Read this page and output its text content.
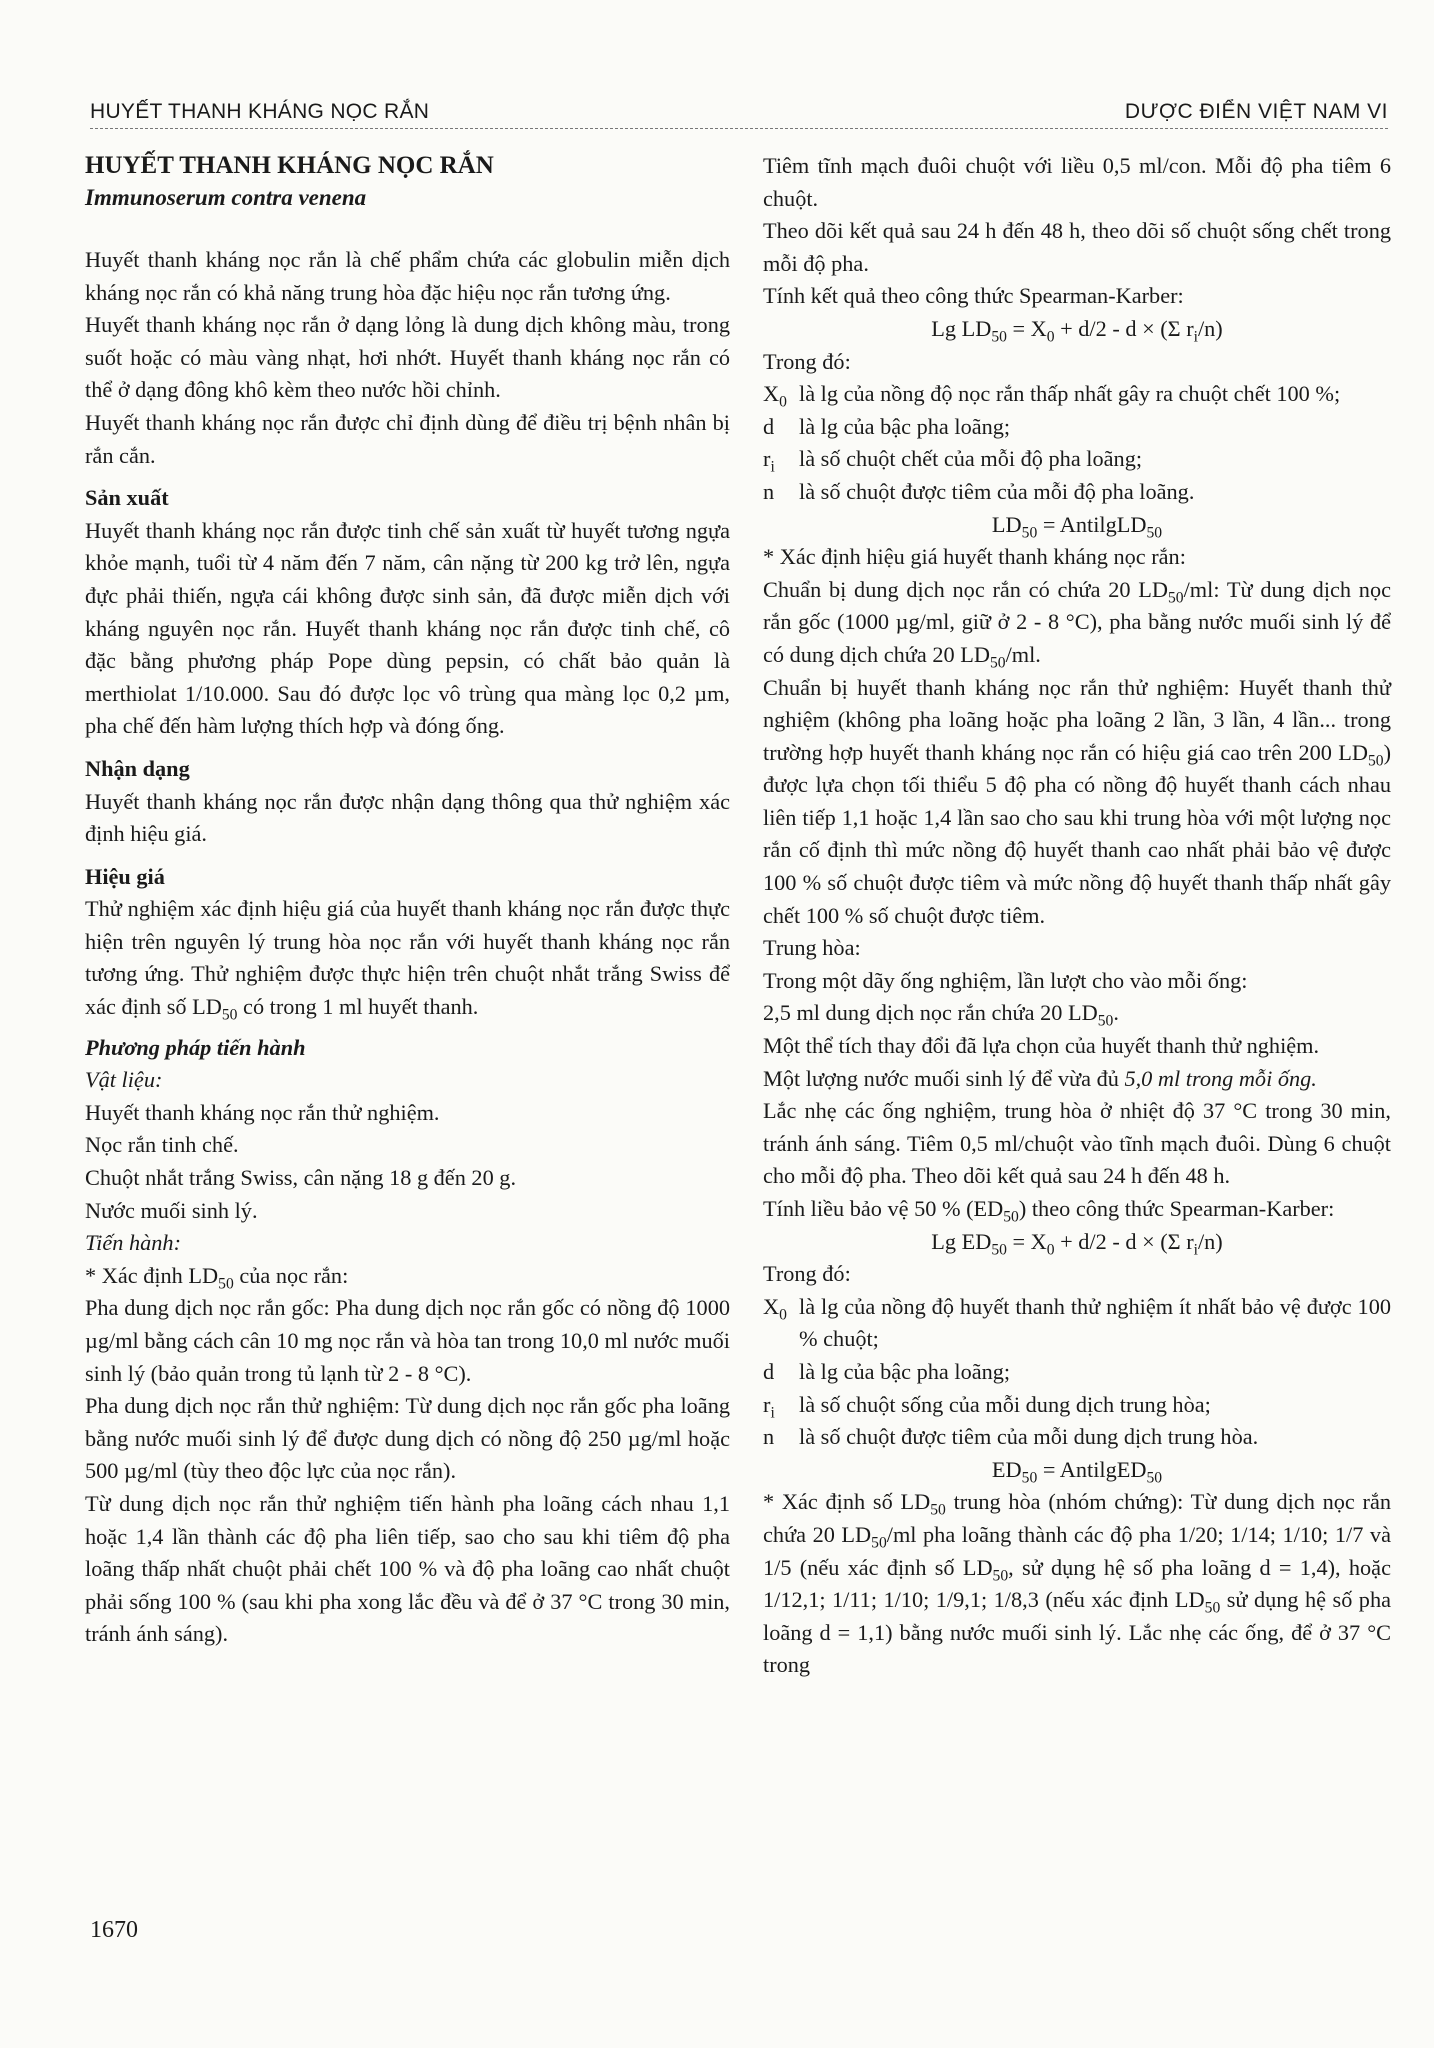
HUYẾT THANH KHÁNG NỌC RẮN	DƯỢC ĐIỂN VIỆT NAM VI

HUYẾT THANH KHÁNG NỌC RẮN

Immunoserum contra venena

Huyết thanh kháng nọc rắn là chế phẩm chứa các globulin miễn dịch kháng nọc rắn có khả năng trung hòa đặc hiệu nọc rắn tương ứng.

Huyết thanh kháng nọc rắn ở dạng lỏng là dung dịch không màu, trong suốt hoặc có màu vàng nhạt, hơi nhớt. Huyết thanh kháng nọc rắn có thể ở dạng đông khô kèm theo nước hồi chỉnh.

Huyết thanh kháng nọc rắn được chỉ định dùng để điều trị bệnh nhân bị rắn cắn.

Sản xuất

Huyết thanh kháng nọc rắn được tinh chế sản xuất từ huyết tương ngựa khỏe mạnh, tuổi từ 4 năm đến 7 năm, cân nặng từ 200 kg trở lên, ngựa đực phải thiến, ngựa cái không được sinh sản, đã được miễn dịch với kháng nguyên nọc rắn. Huyết thanh kháng nọc rắn được tinh chế, cô đặc bằng phương pháp Pope dùng pepsin, có chất bảo quản là merthiolat 1/10.000. Sau đó được lọc vô trùng qua màng lọc 0,2 µm, pha chế đến hàm lượng thích hợp và đóng ống.

Nhận dạng

Huyết thanh kháng nọc rắn được nhận dạng thông qua thử nghiệm xác định hiệu giá.

Hiệu giá

Thử nghiệm xác định hiệu giá của huyết thanh kháng nọc rắn được thực hiện trên nguyên lý trung hòa nọc rắn với huyết thanh kháng nọc rắn tương ứng. Thử nghiệm được thực hiện trên chuột nhắt trắng Swiss để xác định số $LD_{50}$ có trong 1 ml huyết thanh.

Phương pháp tiến hành

Vật liệu:

Huyết thanh kháng nọc rắn thử nghiệm.

Nọc rắn tinh chế.

Chuột nhắt trắng Swiss, cân nặng 18 g đến 20 g.

Nước muối sinh lý.

Tiến hành:

* Xác định $LD_{50}$ của nọc rắn:

Pha dung dịch nọc rắn gốc: Pha dung dịch nọc rắn gốc có nồng độ 1000 µg/ml bằng cách cân 10 mg nọc rắn và hòa tan trong 10,0 ml nước muối sinh lý (bảo quản trong tủ lạnh từ 2 - 8 °C).

Pha dung dịch nọc rắn thử nghiệm: Từ dung dịch nọc rắn gốc pha loãng bằng nước muối sinh lý để được dung dịch có nồng độ 250 µg/ml hoặc 500 µg/ml (tùy theo độc lực của nọc rắn).

Từ dung dịch nọc rắn thử nghiệm tiến hành pha loãng cách nhau 1,1 hoặc 1,4 lần thành các độ pha liên tiếp, sao cho sau khi tiêm độ pha loãng thấp nhất chuột phải chết 100 % và độ pha loãng cao nhất chuột phải sống 100 % (sau khi pha xong lắc đều và để ở 37 °C trong 30 min, tránh ánh sáng).

Tiêm tĩnh mạch đuôi chuột với liều 0,5 ml/con. Mỗi độ pha tiêm 6 chuột.

Theo dõi kết quả sau 24 h đến 48 h, theo dõi số chuột sống chết trong mỗi độ pha.

Tính kết quả theo công thức Spearman-Karber:

Lg $LD_{50} = X_0 + d/2 - d \times (\Sigma$ $r_i/n$)

Trong đó:

$X_0$ là lg của nồng độ nọc rắn thấp nhất gây ra chuột chết 100 %;
d	là lg của bậc pha loãng;
$r_i$	là số chuột chết của mỗi độ pha loãng;
n	là số chuột được tiêm của mỗi độ pha loãng.

$LD_{50}$ = AntilgLD$_{50}$

* Xác định hiệu giá huyết thanh kháng nọc rắn:

Chuẩn bị dung dịch nọc rắn có chứa 20 $LD_{50}/ml$: Từ dung dịch nọc rắn gốc (1000 µg/ml, giữ ở 2 - 8 °C), pha bằng nước muối sinh lý để có dung dịch chứa 20 $LD_{50}/ml$.

Chuẩn bị huyết thanh kháng nọc rắn thử nghiệm: Huyết thanh thử nghiệm (không pha loãng hoặc pha loãng 2 lần, 3 lần, 4 lần... trong trường hợp huyết thanh kháng nọc rắn có hiệu giá cao trên 200 $LD_{50}$) được lựa chọn tối thiểu 5 độ pha có nồng độ huyết thanh cách nhau liên tiếp 1,1 hoặc 1,4 lần sao cho sau khi trung hòa với một lượng nọc rắn cố định thì mức nồng độ huyết thanh cao nhất phải bảo vệ được 100 % số chuột được tiêm và mức nồng độ huyết thanh thấp nhất gây chết 100 % số chuột được tiêm.

Trung hòa:

Trong một dãy ống nghiệm, lần lượt cho vào mỗi ống:

2,5 ml dung dịch nọc rắn chứa 20 $LD_{50}$.

Một thể tích thay đổi đã lựa chọn của huyết thanh thử nghiệm.

Một lượng nước muối sinh lý để vừa đủ 5,0 ml trong mỗi ống.

Lắc nhẹ các ống nghiệm, trung hòa ở nhiệt độ 37 °C trong 30 min, tránh ánh sáng. Tiêm 0,5 ml/chuột vào tĩnh mạch đuôi. Dùng 6 chuột cho mỗi độ pha. Theo dõi kết quả sau 24 h đến 48 h.

Tính liều bảo vệ 50 % $(ED_{50})$ theo công thức Spearman-Karber:

Lg $ED_{50} = X_0 + d/2 - d \times (\Sigma$ $r_i/n$)

Trong đó:

$X_0$ là lg của nồng độ huyết thanh thử nghiệm ít nhất bảo vệ được 100 % chuột;
d	là lg của bậc pha loãng;
$r_i$	là số chuột sống của mỗi dung dịch trung hòa;
n	là số chuột được tiêm của mỗi dung dịch trung hòa.

$ED_{50}$ = AntilgED$_{50}$

* Xác định số $LD_{50}$ trung hòa (nhóm chứng): Từ dung dịch nọc rắn chứa 20 $LD_{50}/ml$ pha loãng thành các độ pha 1/20; 1/14; 1/10; 1/7 và 1/5 (nếu xác định số $LD_{50}$, sử dụng hệ số pha loãng d = 1,4), hoặc 1/12,1; 1/11; 1/10; 1/9,1; 1/8,3 (nếu xác định $LD_{50}$ sử dụng hệ số pha loãng d = 1,1) bằng nước muối sinh lý. Lắc nhẹ các ống, để ở 37 °C trong

1670
